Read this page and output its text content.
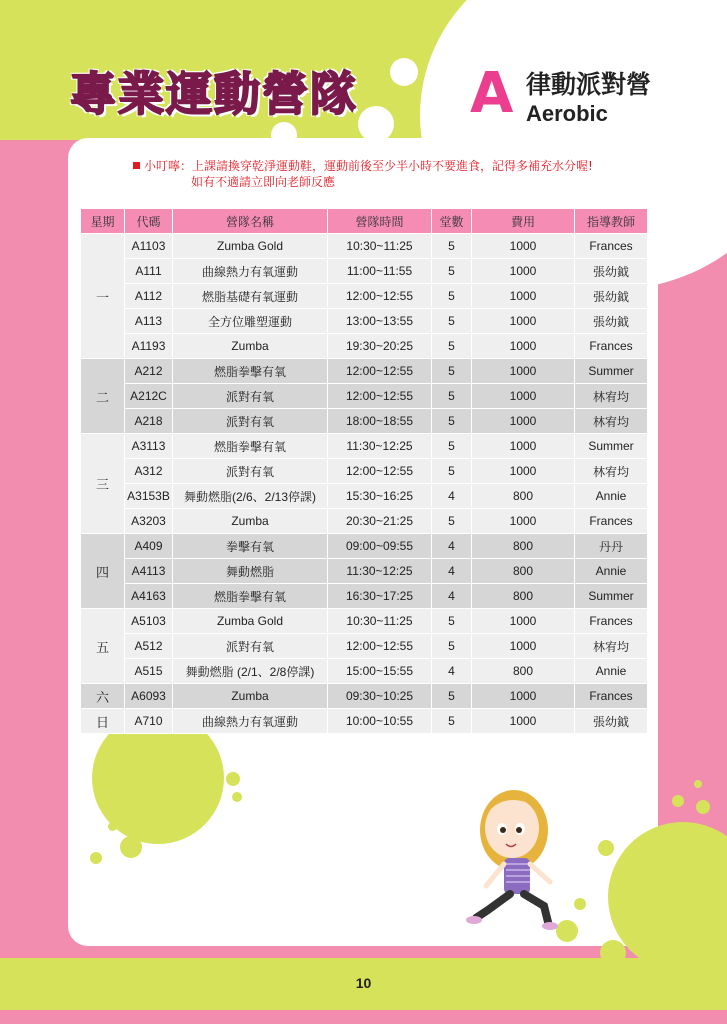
專業運動營隊 A 律動派對營
Aerobic
小叮嚀：上課請換穿乾淨運動鞋，運動前後至少半小時不要進食，記得多補充水分喔!
如有不適請立即向老師反應
星期	代碼	營隊名稱	營隊時間	堂數	費用	指導教師
一	A1103	Zumba Gold	10:30~11:25	5	1000	Frances
	A111	曲線熱力有氧運動	11:00~11:55	5	1000	張幼鉞
	A112	燃脂基礎有氧運動	12:00~12:55	5	1000	張幼鉞
	A113	全方位雕塑運動	13:00~13:55	5	1000	張幼鉞
	A1193	Zumba	19:30~20:25	5	1000	Frances
二	A212	燃脂拳擊有氧	12:00~12:55	5	1000	Summer
	A212C	派對有氧	12:00~12:55	5	1000	林宥均
	A218	派對有氧	18:00~18:55	5	1000	林宥均
三	A3113	燃脂拳擊有氧	11:30~12:25	5	1000	Summer
	A312	派對有氧	12:00~12:55	5	1000	林宥均
	A3153B	舞動燃脂(2/6、2/13停課)	15:30~16:25	4	800	Annie
	A3203	Zumba	20:30~21:25	5	1000	Frances
四	A409	拳擊有氧	09:00~09:55	4	800	丹丹
	A4113	舞動燃脂	11:30~12:25	4	800	Annie
	A4163	燃脂拳擊有氧	16:30~17:25	4	800	Summer
五	A5103	Zumba Gold	10:30~11:25	5	1000	Frances
	A512	派對有氧	12:00~12:55	5	1000	林宥均
	A515	舞動燃脂 (2/1、2/8停課)	15:00~15:55	4	800	Annie
六	A6093	Zumba	09:30~10:25	5	1000	Frances
日	A710	曲線熱力有氧運動	10:00~10:55	5	1000	張幼鉞
10
